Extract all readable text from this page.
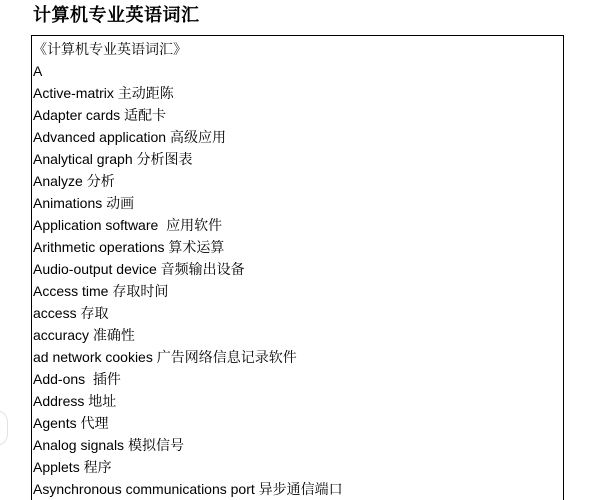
计算机专业英语词汇
《计算机专业英语词汇》
A
Active-matrix 主动距陈
Adapter cards 适配卡
Advanced application 高级应用
Analytical graph 分析图表
Analyze 分析
Animations 动画
Application software  应用软件
Arithmetic operations 算术运算
Audio-output device 音频输出设备
Access time 存取时间
access 存取
accuracy 准确性
ad network cookies 广告网络信息记录软件
Add-ons  插件
Address 地址
Agents 代理
Analog signals 模拟信号
Applets 程序
Asynchronous communications port 异步通信端口
